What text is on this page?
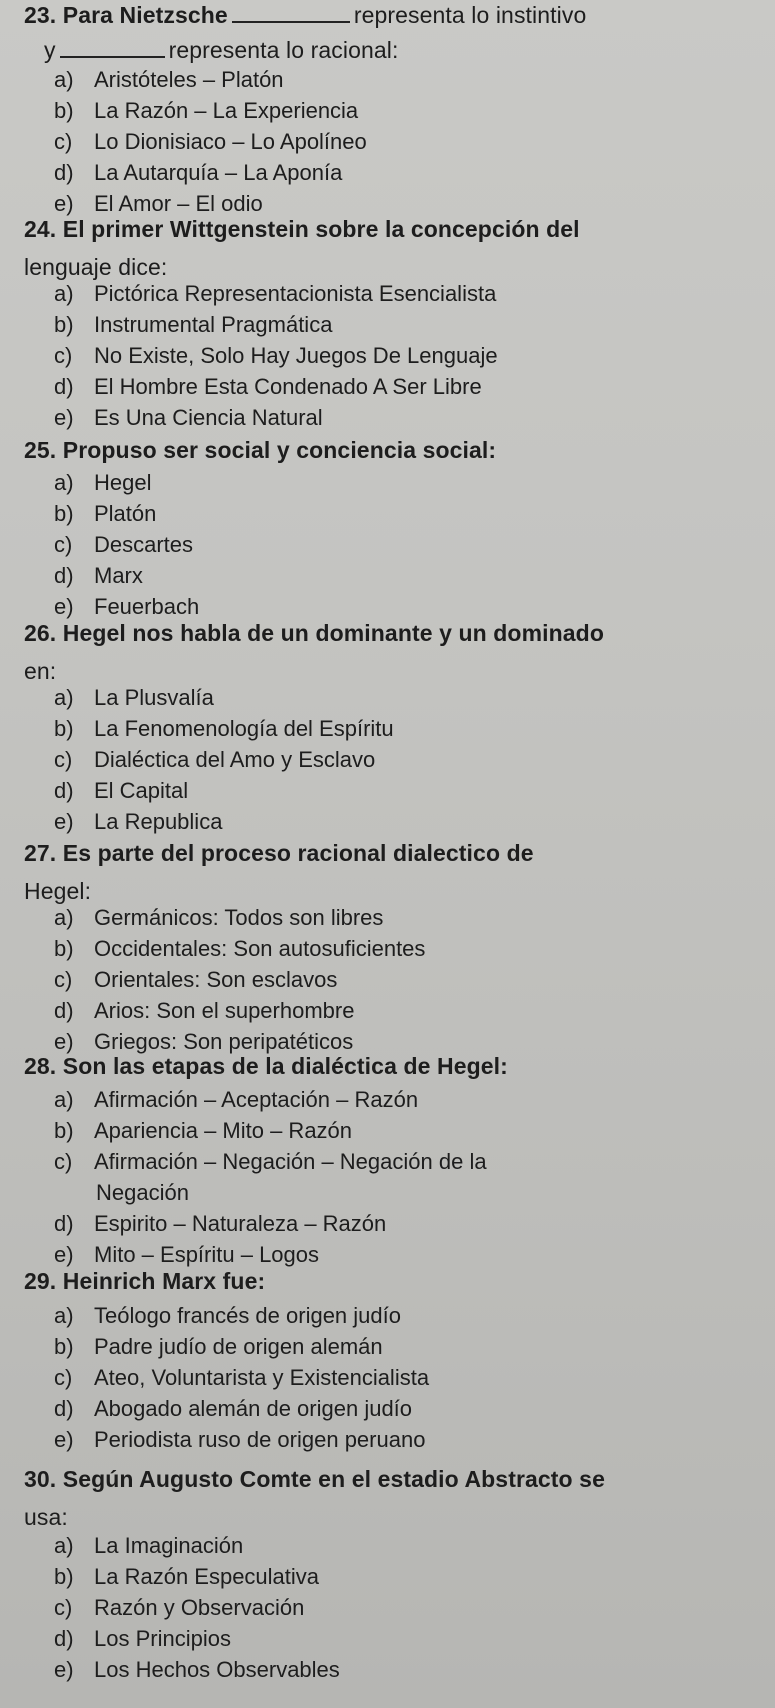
23. Para Nietzsche	representa lo instintivo
y	representa lo racional:
a) Aristóteles – Platón
b) La Razón – La Experiencia
c) Lo Dionisiaco – Lo Apolíneo
d) La Autarquía – La Aponía
e) El Amor – El odio
24. El primer Wittgenstein sobre la concepción del
lenguaje dice:
a) Pictórica Representacionista Esencialista
b) Instrumental Pragmática
c) No Existe, Solo Hay Juegos De Lenguaje
d) El Hombre Esta Condenado A Ser Libre
e) Es Una Ciencia Natural
25. Propuso ser social y conciencia social:
a) Hegel
b) Platón
c) Descartes
d) Marx
e) Feuerbach
26. Hegel nos habla de un dominante y un dominado
en:
a) La Plusvalía
b) La Fenomenología del Espíritu
c) Dialéctica del Amo y Esclavo
d) El Capital
e) La Republica
27. Es parte del proceso racional dialectico de
Hegel:
a) Germánicos: Todos son libres
b) Occidentales: Son autosuficientes
c) Orientales: Son esclavos
d) Arios: Son el superhombre
e) Griegos: Son peripatéticos
28. Son las etapas de la dialéctica de Hegel:
a) Afirmación – Aceptación – Razón
b) Apariencia – Mito – Razón
c) Afirmación – Negación – Negación de la
Negación
d) Espirito – Naturaleza – Razón
e) Mito – Espíritu – Logos
29. Heinrich Marx fue:
a) Teólogo francés de origen judío
b) Padre judío de origen alemán
c) Ateo, Voluntarista y Existencialista
d) Abogado alemán de origen judío
e) Periodista ruso de origen peruano
30. Según Augusto Comte en el estadio Abstracto se
usa:
a) La Imaginación
b) La Razón Especulativa
c) Razón y Observación
d) Los Principios
e) Los Hechos Observables
